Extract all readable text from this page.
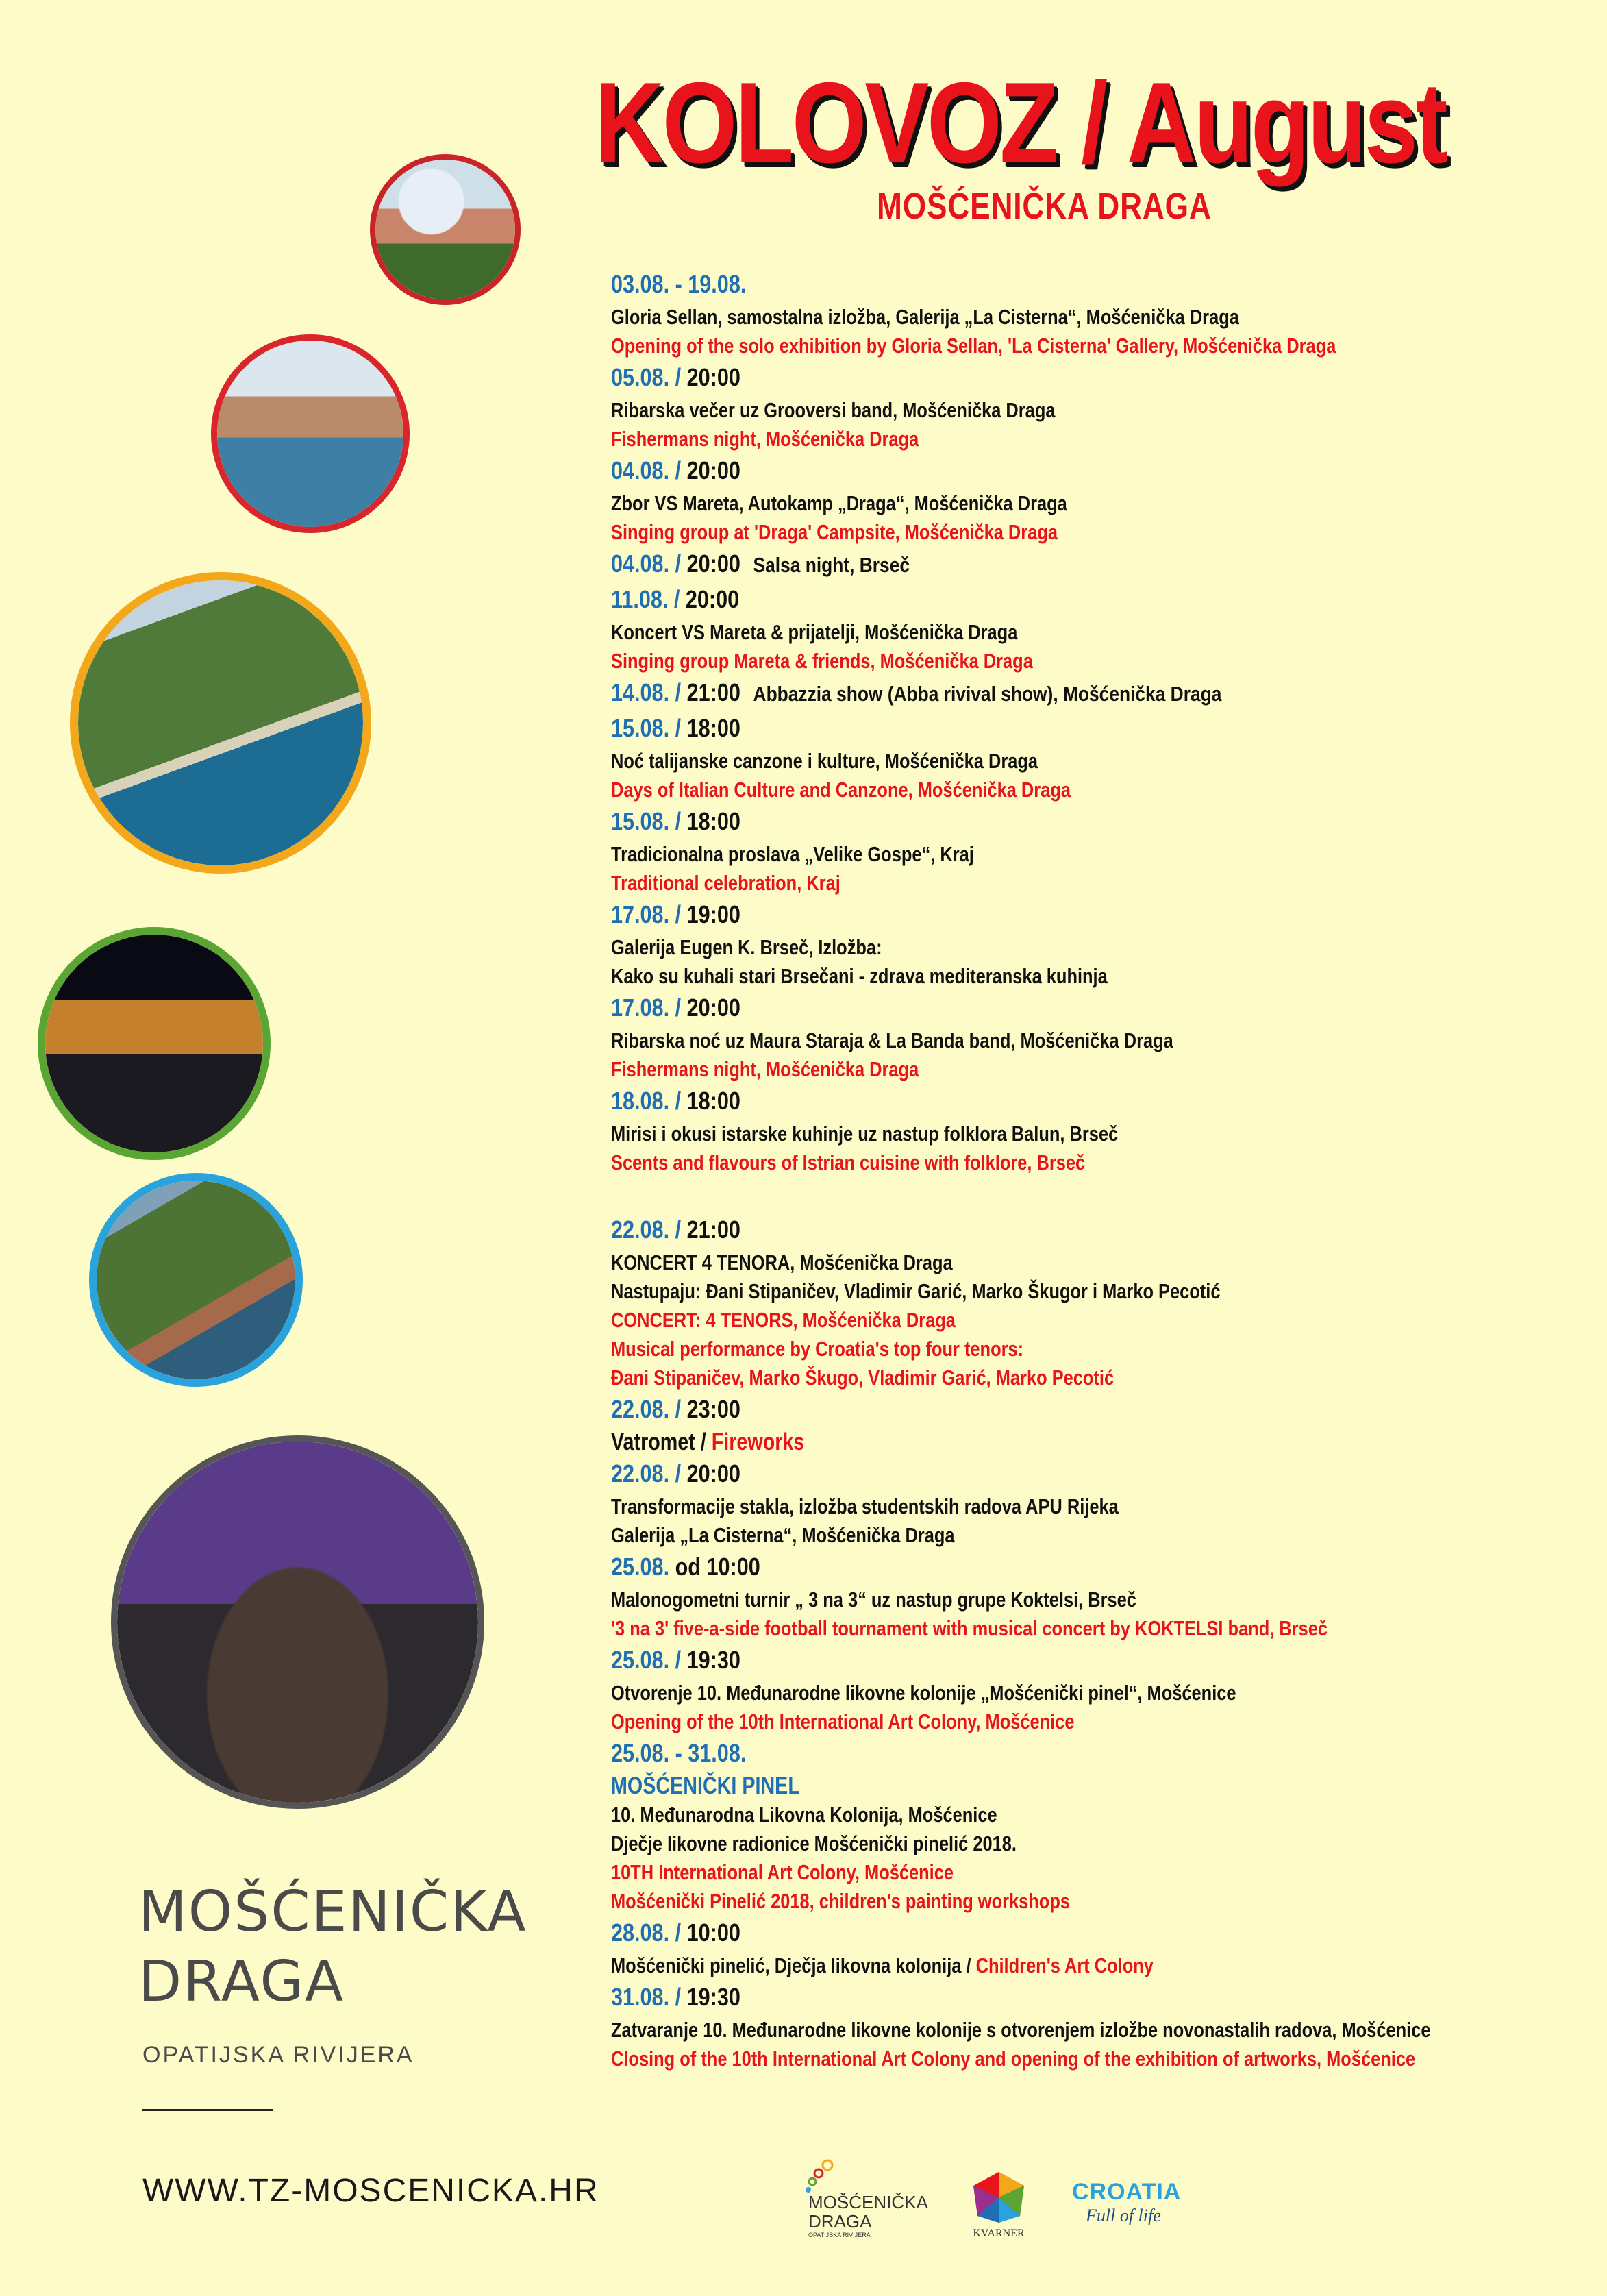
KOLOVOZ / August
MOŠĆENIČKA DRAGA
03.08. - 19.08.
Gloria Sellan, samostalna izložba, Galerija „La Cisterna“, Mošćenička Draga
Opening of the solo exhibition by Gloria Sellan, 'La Cisterna' Gallery, Mošćenička Draga
05.08. / 20:00
Ribarska večer uz Grooversi band, Mošćenička Draga
Fishermans night, Mošćenička Draga
04.08. / 20:00
Zbor VS Mareta, Autokamp „Draga“, Mošćenička Draga
Singing group at 'Draga' Campsite, Mošćenička Draga
04.08. / 20:00 Salsa night, Brseč
11.08. / 20:00
Koncert VS Mareta & prijatelji, Mošćenička Draga
Singing group Mareta & friends, Mošćenička Draga
14.08. / 21:00 Abbazzia show (Abba rivival show), Mošćenička Draga
15.08. / 18:00
Noć talijanske canzone i kulture, Mošćenička Draga
Days of Italian Culture and Canzone, Mošćenička Draga
15.08. / 18:00
Tradicionalna proslava „Velike Gospe“, Kraj
Traditional celebration, Kraj
17.08. / 19:00
Galerija Eugen K. Brseč, Izložba:
Kako su kuhali stari Brsečani - zdrava mediteranska kuhinja
17.08. / 20:00
Ribarska noć uz Maura Staraja & La Banda band, Mošćenička Draga
Fishermans night, Mošćenička Draga
18.08. / 18:00
Mirisi i okusi istarske kuhinje uz nastup folklora Balun, Brseč
Scents and flavours of Istrian cuisine with folklore, Brseč
22.08. / 21:00
KONCERT 4 TENORA, Mošćenička Draga
Nastupaju: Đani Stipaničev, Vladimir Garić, Marko Škugor i Marko Pecotić
CONCERT: 4 TENORS, Mošćenička Draga
Musical performance by Croatia's top four tenors:
Đani Stipaničev, Marko Škugo, Vladimir Garić, Marko Pecotić
22.08. / 23:00
Vatromet / Fireworks
22.08. / 20:00
Transformacije stakla, izložba studentskih radova APU Rijeka
Galerija „La Cisterna“, Mošćenička Draga
25.08. od 10:00
Malonogometni turnir „ 3 na 3“ uz nastup grupe Koktelsi, Brseč
'3 na 3' five-a-side football tournament with musical concert by KOKTELSI band, Brseč
25.08. / 19:30
Otvorenje 10. Međunarodne likovne kolonije „Mošćenički pinel“, Mošćenice
Opening of the 10th International Art Colony, Mošćenice
25.08. - 31.08.
MOŠĆENIČKI PINEL
10. Međunarodna Likovna Kolonija, Mošćenice
Dječje likovne radionice Mošćenički pinelić 2018.
10TH International Art Colony, Mošćenice
Mošćenički Pinelić 2018, children's painting workshops
28.08. / 10:00
Mošćenički pinelić, Dječja likovna kolonija / Children's Art Colony
31.08. / 19:30
Zatvaranje 10. Međunarodne likovne kolonije s otvorenjem izložbe novonastalih radova, Mošćenice
Closing of the 10th International Art Colony and opening of the exhibition of artworks, Mošćenice
MOŠĆENIČKA
DRAGA
OPATIJSKA RIVIJERA
WWW.TZ-MOSCENICKA.HR	MOŠĆENIČKA
DRAGA
OPATIJSKA RIVIJERA	KVARNER
CROATIA
Full of life
